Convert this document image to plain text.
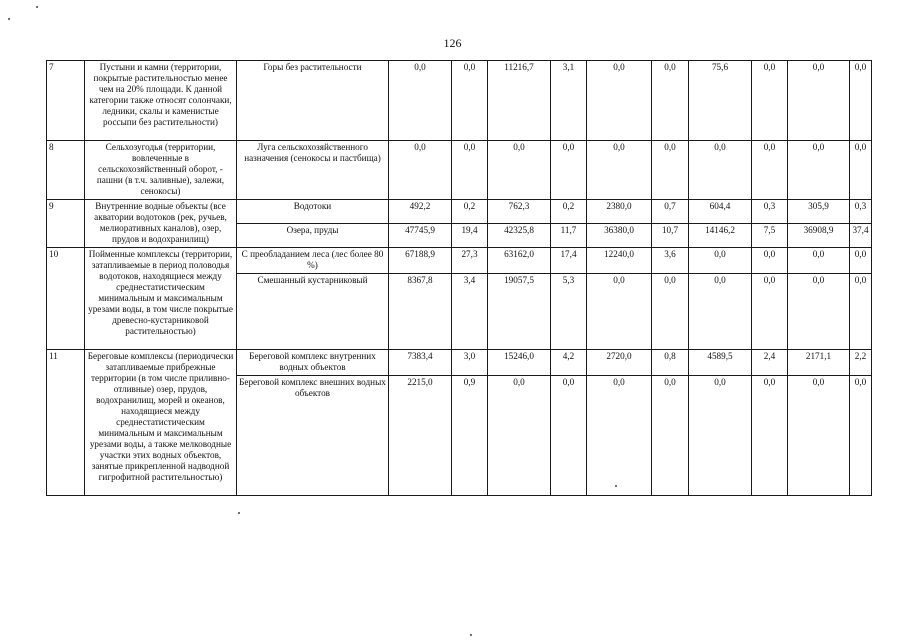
126
7	Пустыни и камни (территории, покрытые растительностью менее чем на 20% площади. К данной категории также относят солончаки, ледники, скалы и каменистые россыпи без растительности)	Горы без растительности	0,0	0,0	11216,7	3,1	0,0	0,0	75,6	0,0	0,0	0,0	
8	Сельхозугодья (территории, вовлеченные в сельскохозяйственный оборот, - пашни (в т.ч. заливные), залежи, сенокосы)	Луга сельскохозяйственного назначения (сенокосы и пастбища)	0,0	0,0	0,0	0,0	0,0	0,0	0,0	0,0	0,0	0,0	
9	Внутренние водные объекты (все акватории водотоков (рек, ручьев, мелиоративных каналов), озер, прудов и водохранилищ)	Водотоки	492,2	0,2	762,3	0,2	2380,0	0,7	604,4	0,3	305,9	0,3	
		Озера, пруды	47745,9	19,4	42325,8	11,7	36380,0	10,7	14146,2	7,5	36908,9	37,4	
10	Пойменные комплексы (территории, затапливаемые в период половодья водотоков, находящиеся между среднестатистическим минимальным и максимальным урезами воды, в том числе покрытые древесно-кустарниковой растительностью)	С преобладанием леса (лес более 80 %)	67188,9	27,3	63162,0	17,4	12240,0	3,6	0,0	0,0	0,0	0,0	
		Смешанный кустарниковый	8367,8	3,4	19057,5	5,3	0,0	0,0	0,0	0,0	0,0	0,0	
11	Береговые комплексы (периодически затапливаемые прибрежные территории (в том числе приливно-отливные) озер, прудов, водохранилищ, морей и океанов, находящиеся между среднестатистическим минимальным и максимальным урезами воды, а также мелководные участки этих водных объектов, занятые прикрепленной надводной гигрофитной растительностью)	Береговой комплекс внутренних водных объектов	7383,4	3,0	15246,0	4,2	2720,0	0,8	4589,5	2,4	2171,1	2,2	
		Береговой комплекс внешних водных объектов	2215,0	0,9	0,0	0,0	0,0	0,0	0,0	0,0	0,0	0,0	
